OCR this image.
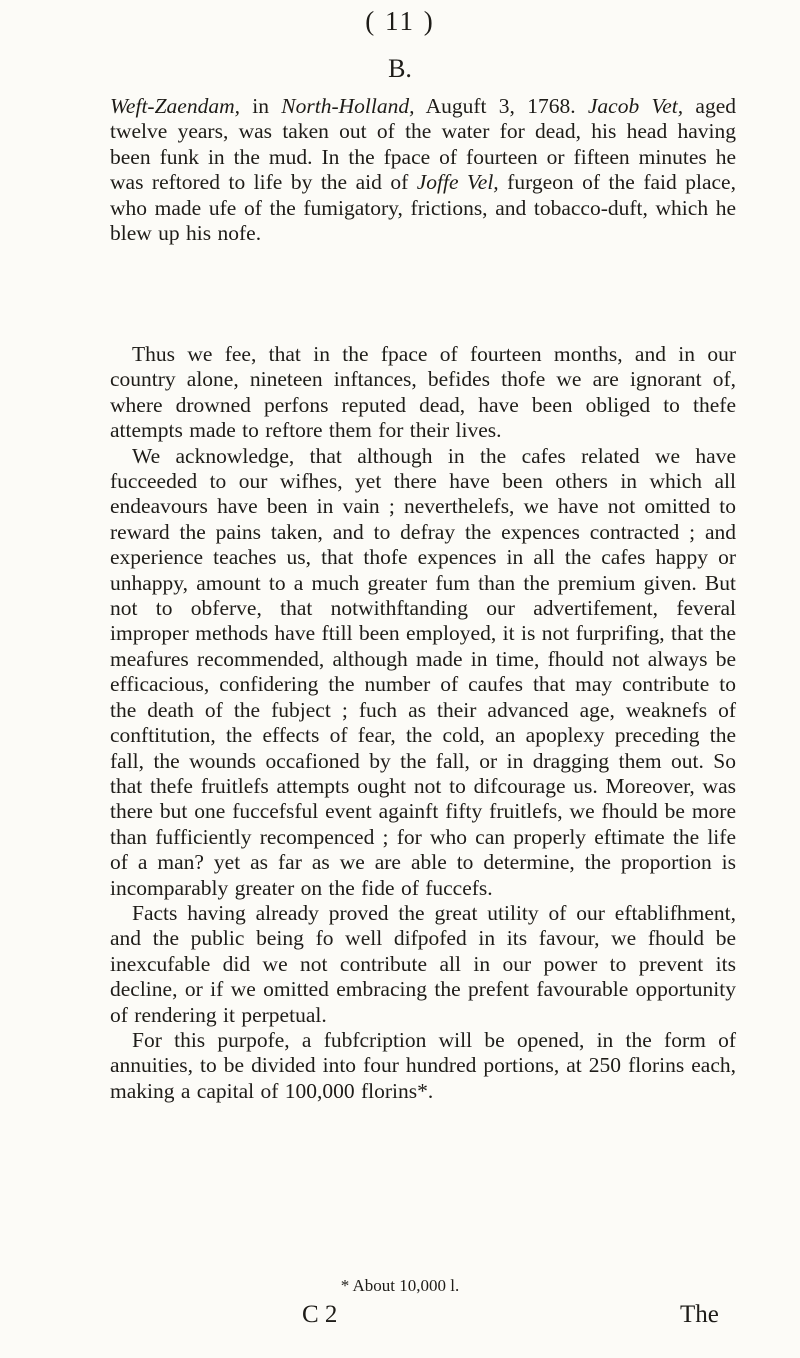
( 11 )
B.

Weft-Zaendam, in North-Holland, Auguft 3, 1768. Jacob Vet, aged twelve years, was taken out of the water for dead, his head having been funk in the mud. In the fpace of fourteen or fifteen minutes he was reftored to life by the aid of Joffe Vel, furgeon of the faid place, who made ufe of the fumigatory, frictions, and tobacco-duft, which he blew up his nofe.

Thus we fee, that in the fpace of fourteen months, and in our country alone, nineteen inftances, befides thofe we are ignorant of, where drowned perfons reputed dead, have been obliged to thefe attempts made to reftore them for their lives.

We acknowledge, that although in the cafes related we have fucceeded to our wifhes, yet there have been others in which all endeavours have been in vain ; neverthelefs, we have not omitted to reward the pains taken, and to defray the expences contracted ; and experience teaches us, that thofe expences in all the cafes happy or unhappy, amount to a much greater fum than the premium given. But not to obferve, that notwithftanding our advertifement, feveral improper methods have ftill been employed, it is not furprifing, that the meafures recommended, although made in time, fhould not always be efficacious, confidering the number of caufes that may contribute to the death of the fubject ; fuch as their advanced age, weaknefs of conftitution, the effects of fear, the cold, an apoplexy preceding the fall, the wounds occafioned by the fall, or in dragging them out. So that thefe fruitlefs attempts ought not to difcourage us. Moreover, was there but one fuccefsful event againft fifty fruitlefs, we fhould be more than fufficiently recompenced ; for who can properly eftimate the life of a man? yet as far as we are able to determine, the proportion is incomparably greater on the fide of fuccefs.

Facts having already proved the great utility of our eftablifhment, and the public being fo well difpofed in its favour, we fhould be inexcufable did we not contribute all in our power to prevent its decline, or if we omitted embracing the prefent favourable opportunity of rendering it perpetual.

For this purpofe, a fubfcription will be opened, in the form of annuities, to be divided into four hundred portions, at 250 florins each, making a capital of 100,000 florins*.

* About 10,000 l.
C 2	The
